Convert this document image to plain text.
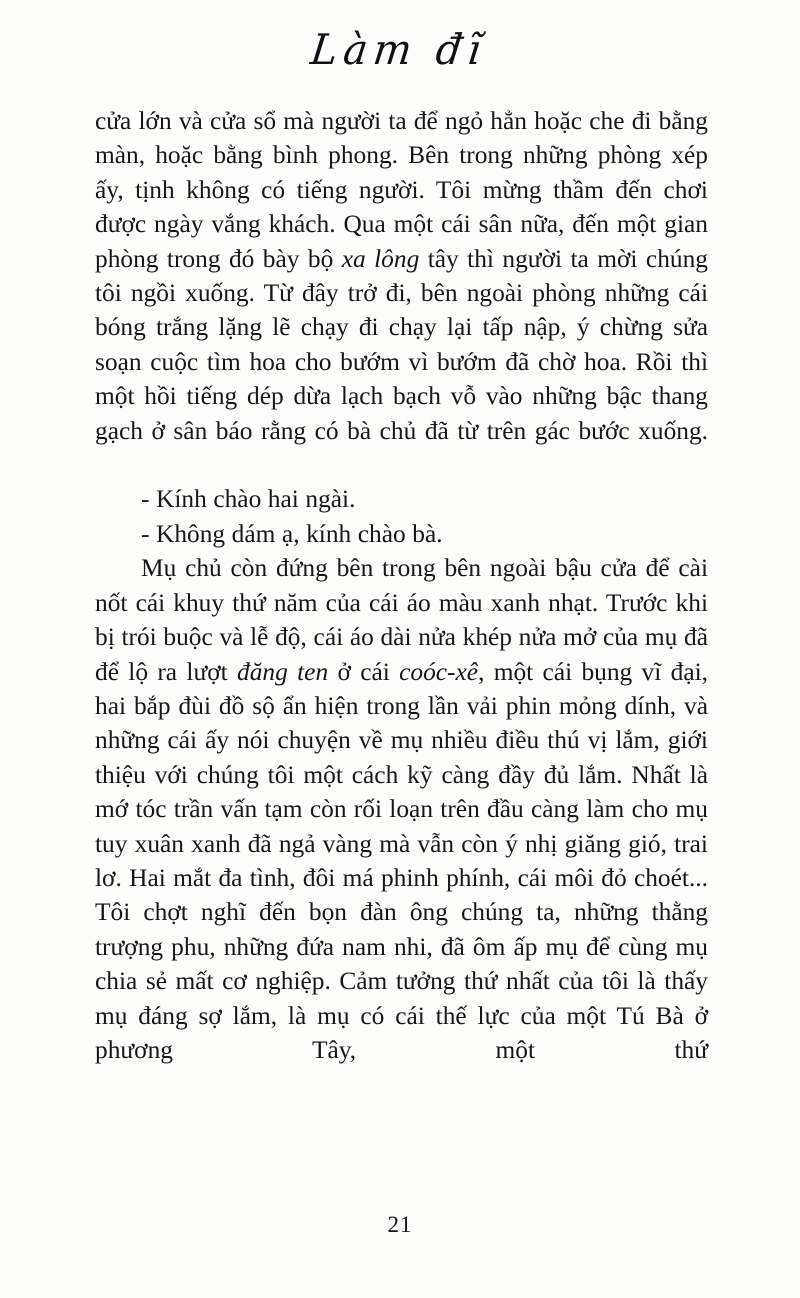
Làm đĩ

cửa lớn và cửa sổ mà người ta để ngỏ hẳn hoặc che đi bằng màn, hoặc bằng bình phong. Bên trong những phòng xép ấy, tịnh không có tiếng người. Tôi mừng thầm đến chơi được ngày vắng khách. Qua một cái sân nữa, đến một gian phòng trong đó bày bộ xa lông tây thì người ta mời chúng tôi ngồi xuống. Từ đây trở đi, bên ngoài phòng những cái bóng trắng lặng lẽ chạy đi chạy lại tấp nập, ý chừng sửa soạn cuộc tìm hoa cho bướm vì bướm đã chờ hoa. Rồi thì một hồi tiếng dép dừa lạch bạch vỗ vào những bậc thang gạch ở sân báo rằng có bà chủ đã từ trên gác bước xuống.

- Kính chào hai ngài.

- Không dám ạ, kính chào bà.

Mụ chủ còn đứng bên trong bên ngoài bậu cửa để cài nốt cái khuy thứ năm của cái áo màu xanh nhạt. Trước khi bị trói buộc và lễ độ, cái áo dài nửa khép nửa mở của mụ đã để lộ ra lượt đăng ten ở cái coóc-xê, một cái bụng vĩ đại, hai bắp đùi đồ sộ ẩn hiện trong lần vải phin mỏng dính, và những cái ấy nói chuyện về mụ nhiều điều thú vị lắm, giới thiệu với chúng tôi một cách kỹ càng đầy đủ lắm. Nhất là mớ tóc trần vấn tạm còn rối loạn trên đầu càng làm cho mụ tuy xuân xanh đã ngả vàng mà vẫn còn ý nhị giăng gió, trai lơ. Hai mắt đa tình, đôi má phinh phính, cái môi đỏ choét... Tôi chợt nghĩ đến bọn đàn ông chúng ta, những thằng trượng phu, những đứa nam nhi, đã ôm ấp mụ để cùng mụ chia sẻ mất cơ nghiệp. Cảm tưởng thứ nhất của tôi là thấy mụ đáng sợ lắm, là mụ có cái thế lực của một Tú Bà ở phương Tây, một thứ

21
